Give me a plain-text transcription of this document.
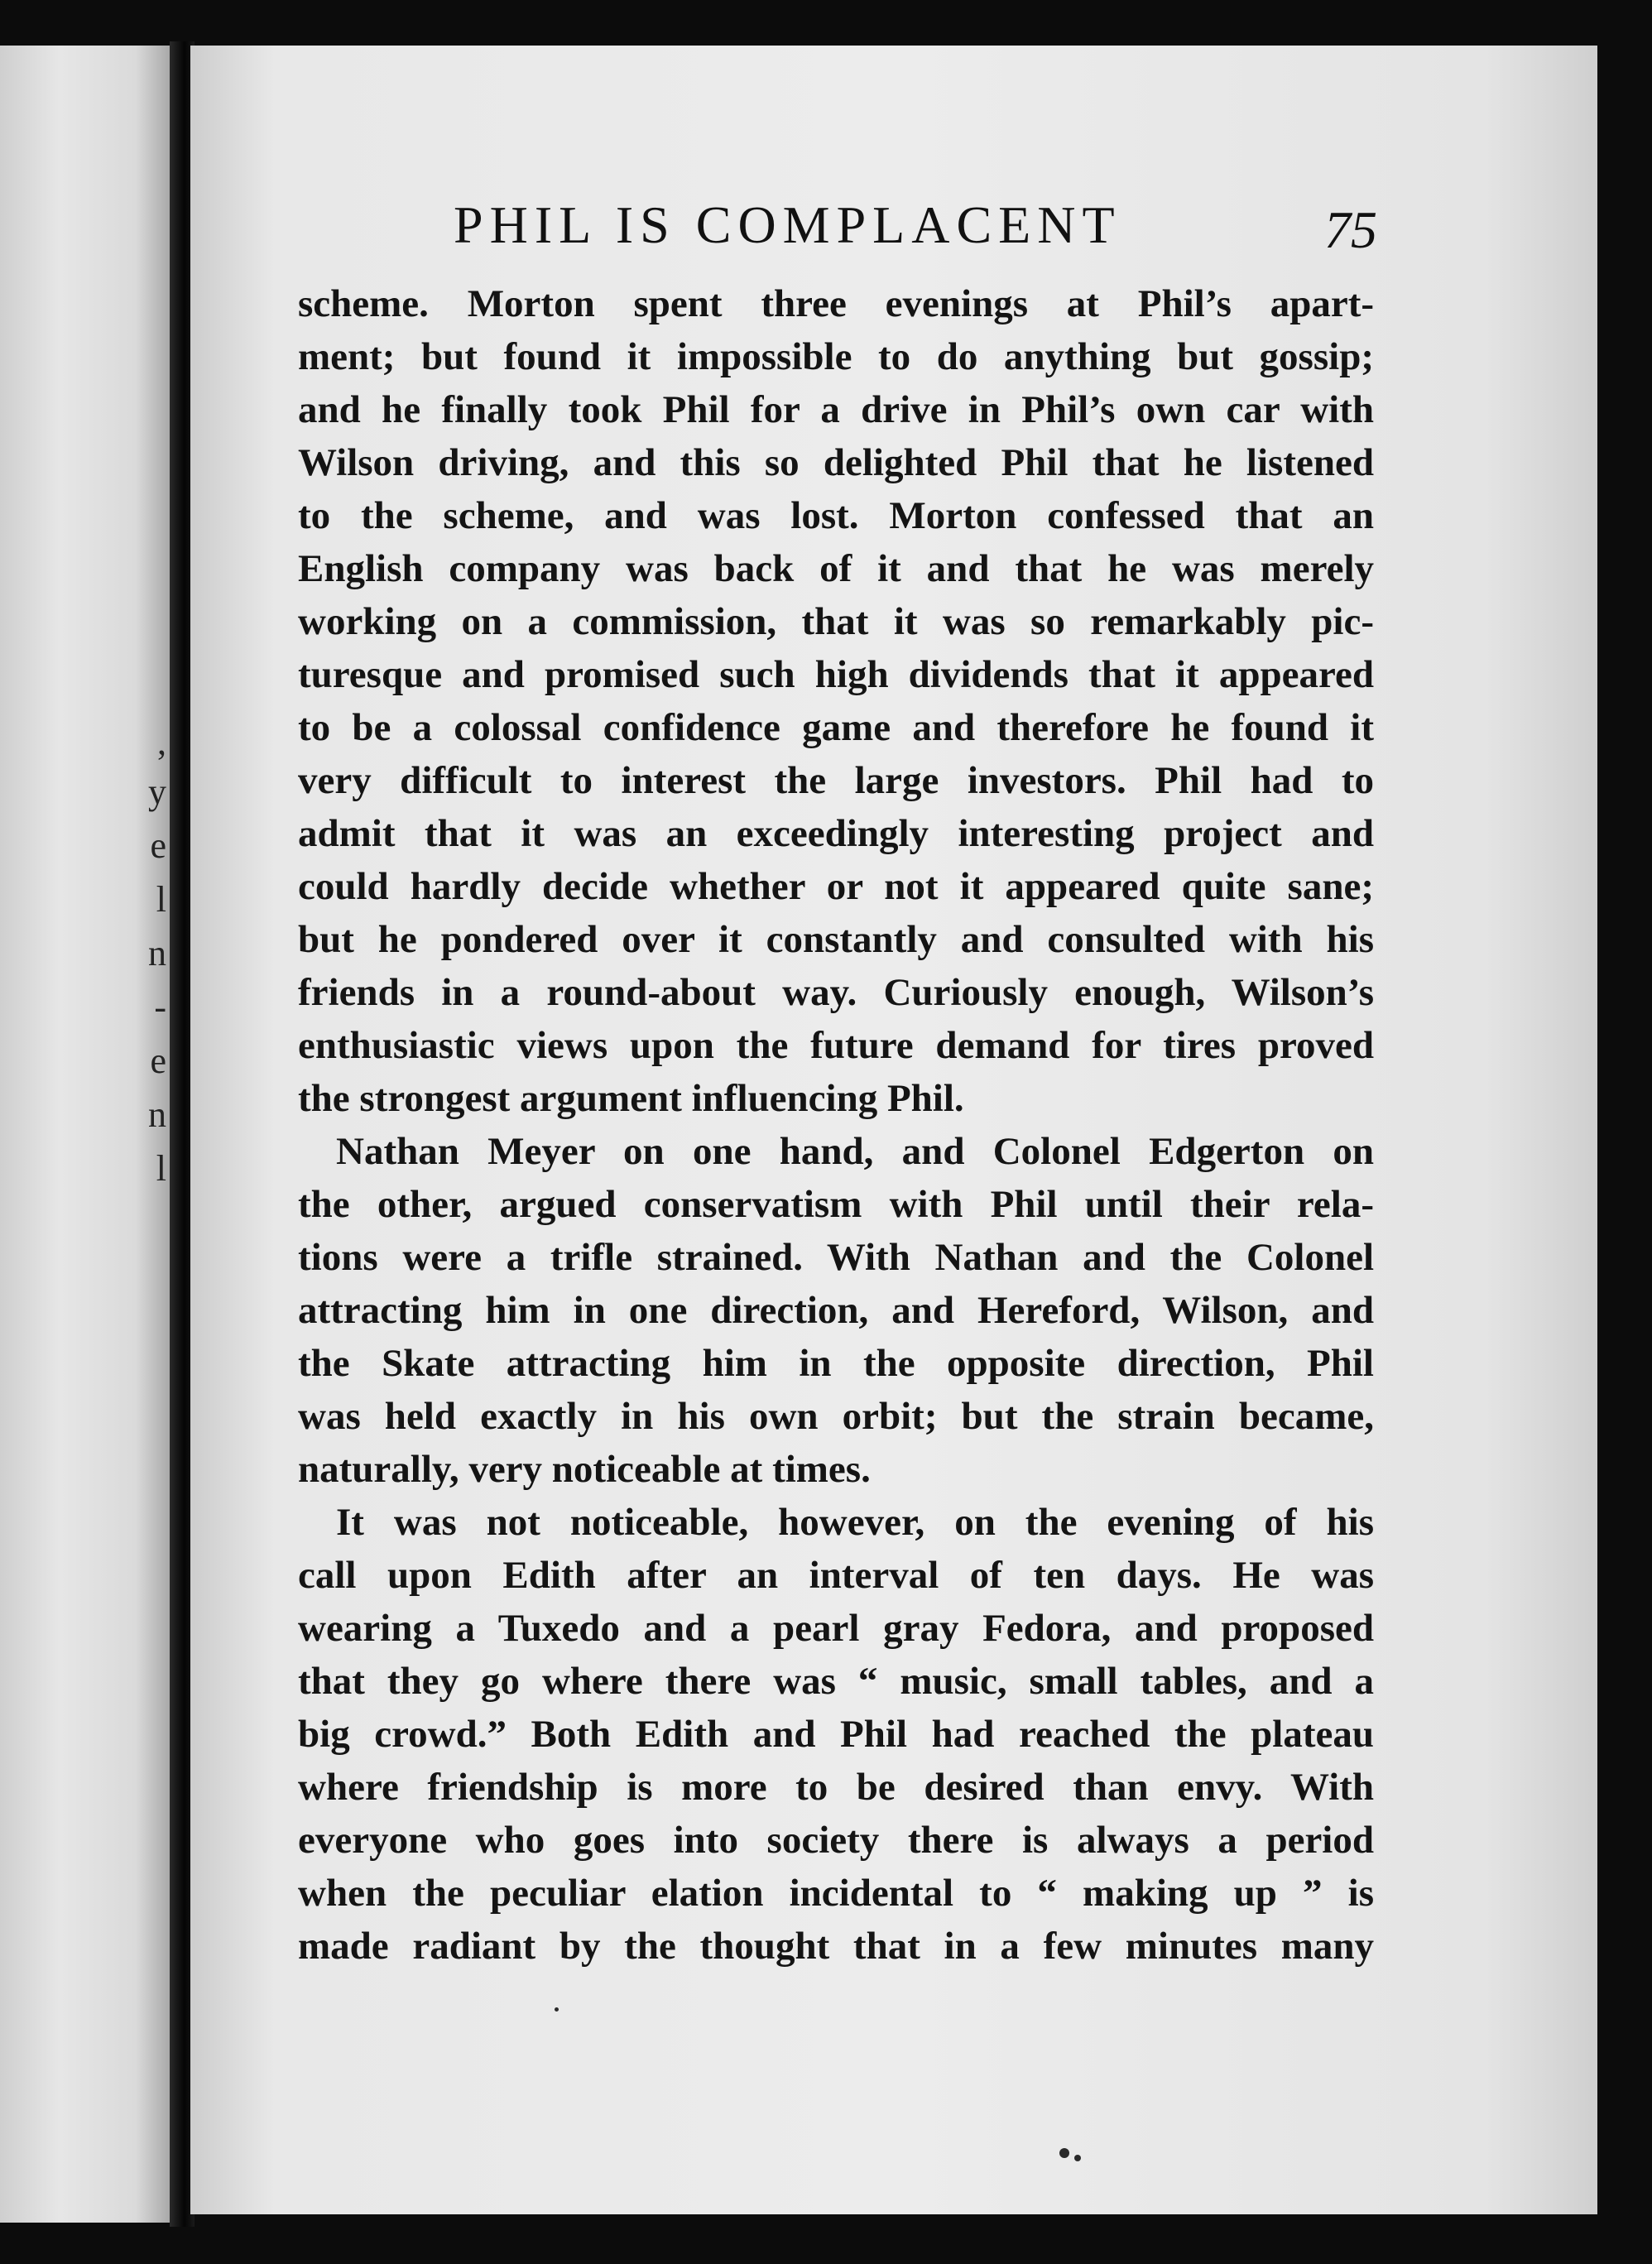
,
y
e
l
n
-
e
n
l
PHIL IS COMPLACENT	75

scheme. Morton spent three evenings at Phil’s apart-
ment; but found it impossible to do anything but gossip;
and he finally took Phil for a drive in Phil’s own car with
Wilson driving, and this so delighted Phil that he listened
to the scheme, and was lost. Morton confessed that an
English company was back of it and that he was merely
working on a commission, that it was so remarkably pic-
turesque and promised such high dividends that it appeared
to be a colossal confidence game and therefore he found it
very difficult to interest the large investors. Phil had to
admit that it was an exceedingly interesting project and
could hardly decide whether or not it appeared quite sane;
but he pondered over it constantly and consulted with his
friends in a round-about way. Curiously enough, Wilson’s
enthusiastic views upon the future demand for tires proved
the strongest argument influencing Phil.

Nathan Meyer on one hand, and Colonel Edgerton on
the other, argued conservatism with Phil until their rela-
tions were a trifle strained. With Nathan and the Colonel
attracting him in one direction, and Hereford, Wilson, and
the Skate attracting him in the opposite direction, Phil
was held exactly in his own orbit; but the strain became,
naturally, very noticeable at times.

It was not noticeable, however, on the evening of his
call upon Edith after an interval of ten days. He was
wearing a Tuxedo and a pearl gray Fedora, and proposed
that they go where there was “ music, small tables, and a
big crowd.” Both Edith and Phil had reached the plateau
where friendship is more to be desired than envy. With
everyone who goes into society there is always a period
when the peculiar elation incidental to “ making up ” is
made radiant by the thought that in a few minutes many
